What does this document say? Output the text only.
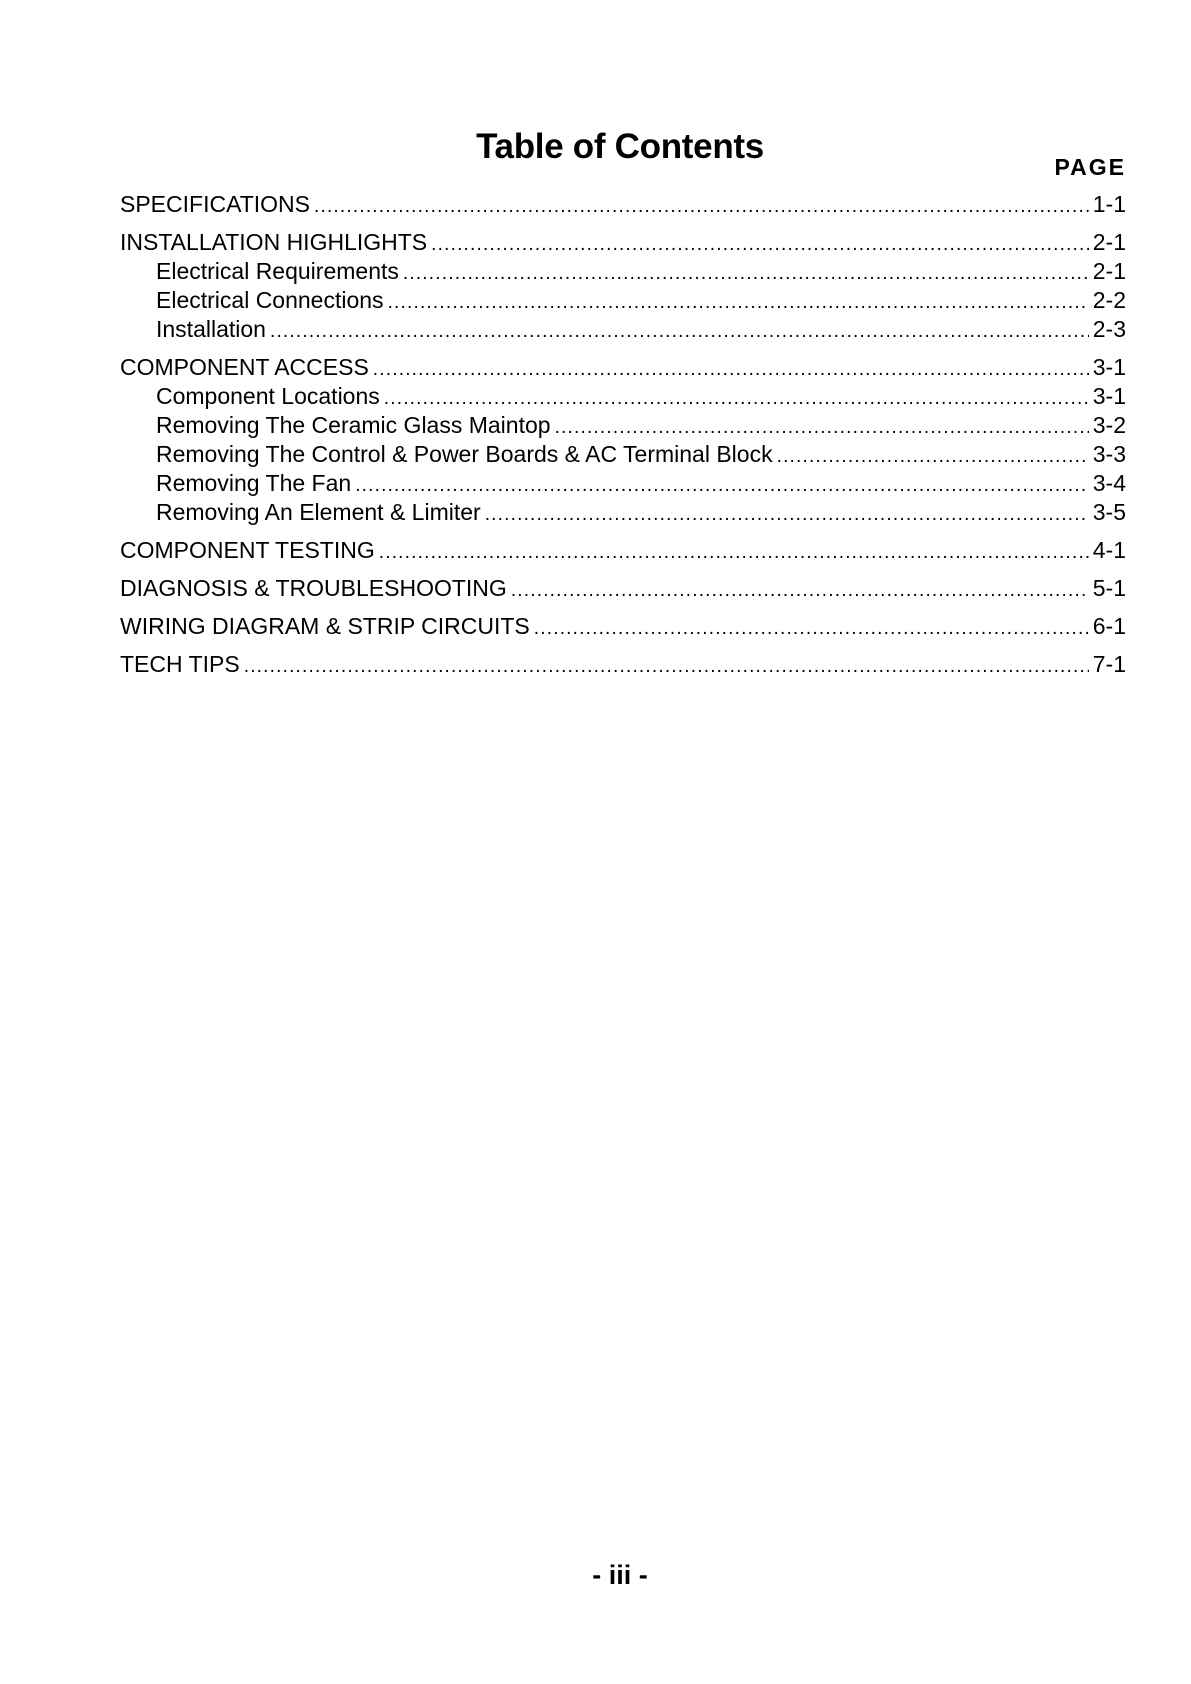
Table of Contents
PAGE
SPECIFICATIONS .....	1-1
INSTALLATION HIGHLIGHTS .....	2-1
Electrical Requirements .....	2-1
Electrical Connections .....	2-2
Installation .....	2-3
COMPONENT ACCESS .....	3-1
Component Locations .....	3-1
Removing The Ceramic Glass Maintop .....	3-2
Removing The Control & Power Boards & AC Terminal Block .....	3-3
Removing The Fan .....	3-4
Removing An Element & Limiter .....	3-5
COMPONENT TESTING .....	4-1
DIAGNOSIS & TROUBLESHOOTING .....	5-1
WIRING DIAGRAM & STRIP CIRCUITS .....	6-1
TECH TIPS .....	7-1
- iii -
